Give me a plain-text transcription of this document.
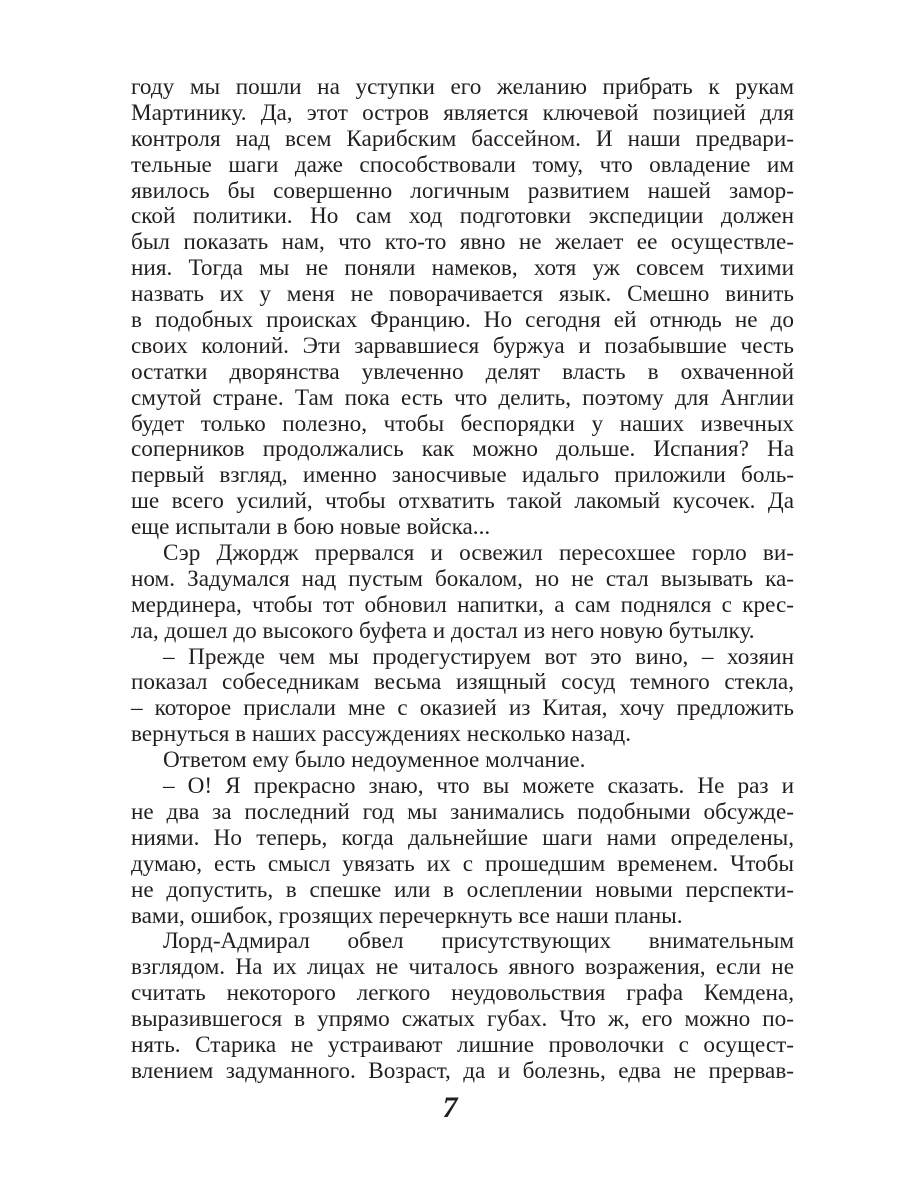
году мы пошли на уступки его желанию прибрать к рукам
Мартинику. Да, этот остров является ключевой позицией для
контроля над всем Карибским бассейном. И наши предвари-
тельные шаги даже способствовали тому, что овладение им
явилось бы совершенно логичным развитием нашей замор-
ской политики. Но сам ход подготовки экспедиции должен
был показать нам, что кто-то явно не желает ее осуществле-
ния. Тогда мы не поняли намеков, хотя уж совсем тихими
назвать их у меня не поворачивается язык. Смешно винить
в подобных происках Францию. Но сегодня ей отнюдь не до
своих колоний. Эти зарвавшиеся буржуа и позабывшие честь
остатки дворянства увлеченно делят власть в охваченной
смутой стране. Там пока есть что делить, поэтому для Англии
будет только полезно, чтобы беспорядки у наших извечных
соперников продолжались как можно дольше. Испания? На
первый взгляд, именно заносчивые идальго приложили боль-
ше всего усилий, чтобы отхватить такой лакомый кусочек. Да
еще испытали в бою новые войска...
Сэр Джордж прервался и освежил пересохшее горло ви-
ном. Задумался над пустым бокалом, но не стал вызывать ка-
мердинера, чтобы тот обновил напитки, а сам поднялся с крес-
ла, дошел до высокого буфета и достал из него новую бутылку.
– Прежде чем мы продегустируем вот это вино, – хозяин
показал собеседникам весьма изящный сосуд темного стекла,
– которое прислали мне с оказией из Китая, хочу предложить
вернуться в наших рассуждениях несколько назад.
Ответом ему было недоуменное молчание.
– О! Я прекрасно знаю, что вы можете сказать. Не раз и
не два за последний год мы занимались подобными обсужде-
ниями. Но теперь, когда дальнейшие шаги нами определены,
думаю, есть смысл увязать их с прошедшим временем. Чтобы
не допустить, в спешке или в ослеплении новыми перспекти-
вами, ошибок, грозящих перечеркнуть все наши планы.
Лорд-Адмирал обвел присутствующих внимательным
взглядом. На их лицах не читалось явного возражения, если не
считать некоторого легкого неудовольствия графа Кемдена,
выразившегося в упрямо сжатых губах. Что ж, его можно по-
нять. Старика не устраивают лишние проволочки с осущест-
влением задуманного. Возраст, да и болезнь, едва не прервав-
7
